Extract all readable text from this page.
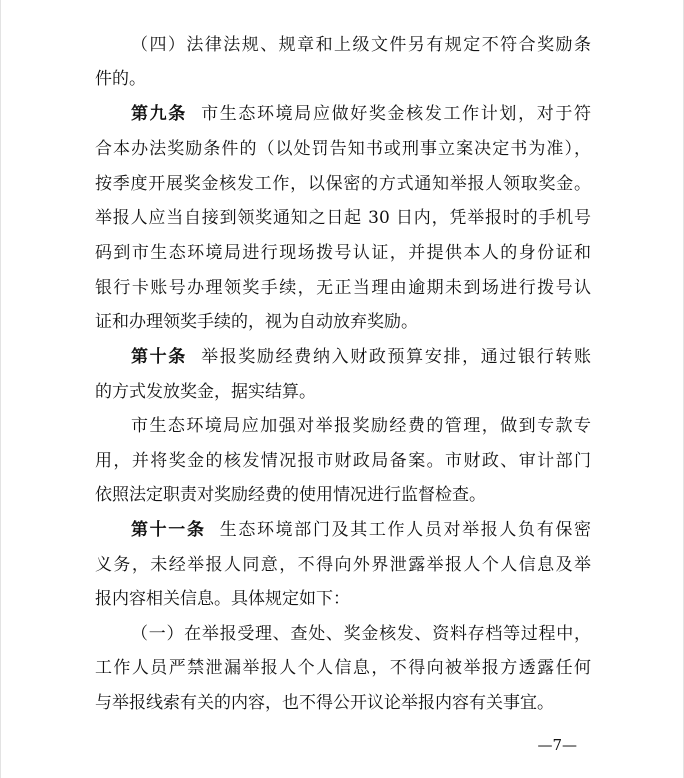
（四）法律法规、规章和上级文件另有规定不符合奖励条
件的。
第九条 市生态环境局应做好奖金核发工作计划，对于符
合本办法奖励条件的（以处罚告知书或刑事立案决定书为准），
按季度开展奖金核发工作，以保密的方式通知举报人领取奖金。
举报人应当自接到领奖通知之日起 30 日内，凭举报时的手机号
码到市生态环境局进行现场拨号认证，并提供本人的身份证和
银行卡账号办理领奖手续，无正当理由逾期未到场进行拨号认
证和办理领奖手续的，视为自动放弃奖励。
第十条 举报奖励经费纳入财政预算安排，通过银行转账
的方式发放奖金，据实结算。
市生态环境局应加强对举报奖励经费的管理，做到专款专
用，并将奖金的核发情况报市财政局备案。市财政、审计部门
依照法定职责对奖励经费的使用情况进行监督检查。
第十一条 生态环境部门及其工作人员对举报人负有保密
义务，未经举报人同意，不得向外界泄露举报人个人信息及举
报内容相关信息。具体规定如下：
（一）在举报受理、查处、奖金核发、资料存档等过程中，
工作人员严禁泄漏举报人个人信息，不得向被举报方透露任何
与举报线索有关的内容，也不得公开议论举报内容有关事宜。
—7—
